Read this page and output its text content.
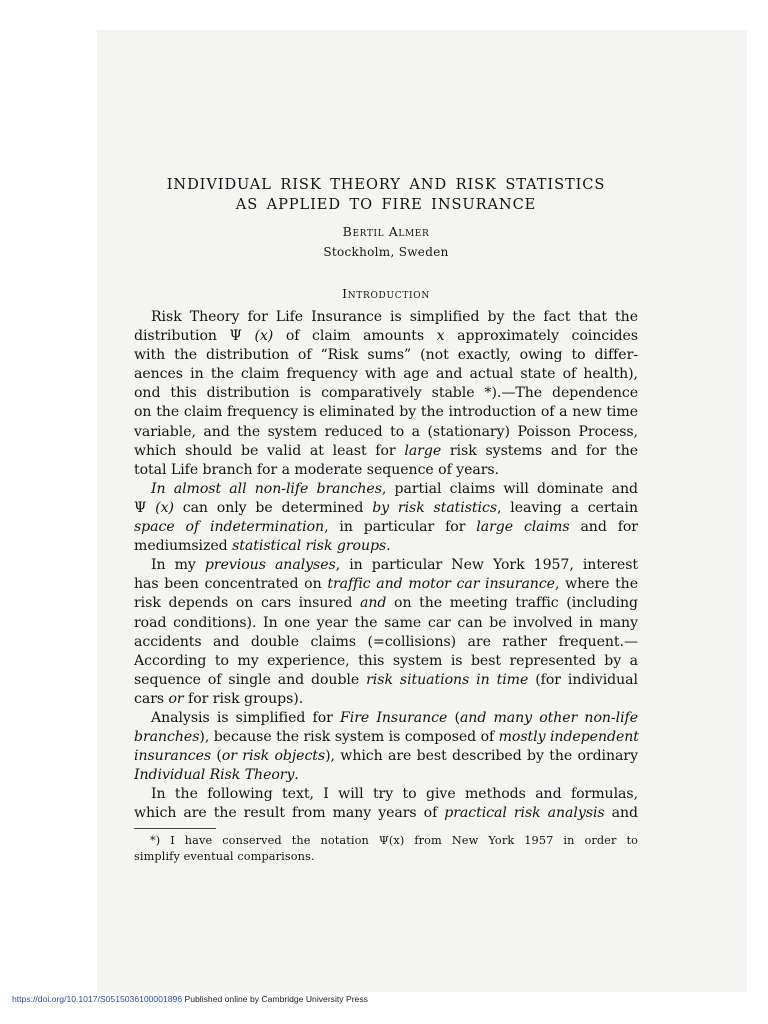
INDIVIDUAL RISK THEORY AND RISK STATISTICS
AS APPLIED TO FIRE INSURANCE
Bertil Almer
Stockholm, Sweden
Introduction
Risk Theory for Life Insurance is simplified by the fact that the
distribution Ψ (x) of claim amounts x approximately coincides
with the distribution of “Risk sums” (not exactly, owing to differ-
aences in the claim frequency with age and actual state of health),
ond this distribution is comparatively stable *).—The dependence
on the claim frequency is eliminated by the introduction of a new time
variable, and the system reduced to a (stationary) Poisson Process,
which should be valid at least for large risk systems and for the
total Life branch for a moderate sequence of years.
In almost all non-life branches, partial claims will dominate and
Ψ (x) can only be determined by risk statistics, leaving a certain
space of indetermination, in particular for large claims and for
mediumsized statistical risk groups.
In my previous analyses, in particular New York 1957, interest
has been concentrated on traffic and motor car insurance, where the
risk depends on cars insured and on the meeting traffic (including
road conditions). In one year the same car can be involved in many
accidents and double claims (=collisions) are rather frequent.—
According to my experience, this system is best represented by a
sequence of single and double risk situations in time (for individual
cars or for risk groups).
Analysis is simplified for Fire Insurance (and many other non-life
branches), because the risk system is composed of mostly independent
insurances (or risk objects), which are best described by the ordinary
Individual Risk Theory.
In the following text, I will try to give methods and formulas,
which are the result from many years of practical risk analysis and
*) I have conserved the notation Ψ(x) from New York 1957 in order to
simplify eventual comparisons.
https://doi.org/10.1017/S0515036100001896 Published online by Cambridge University Press
